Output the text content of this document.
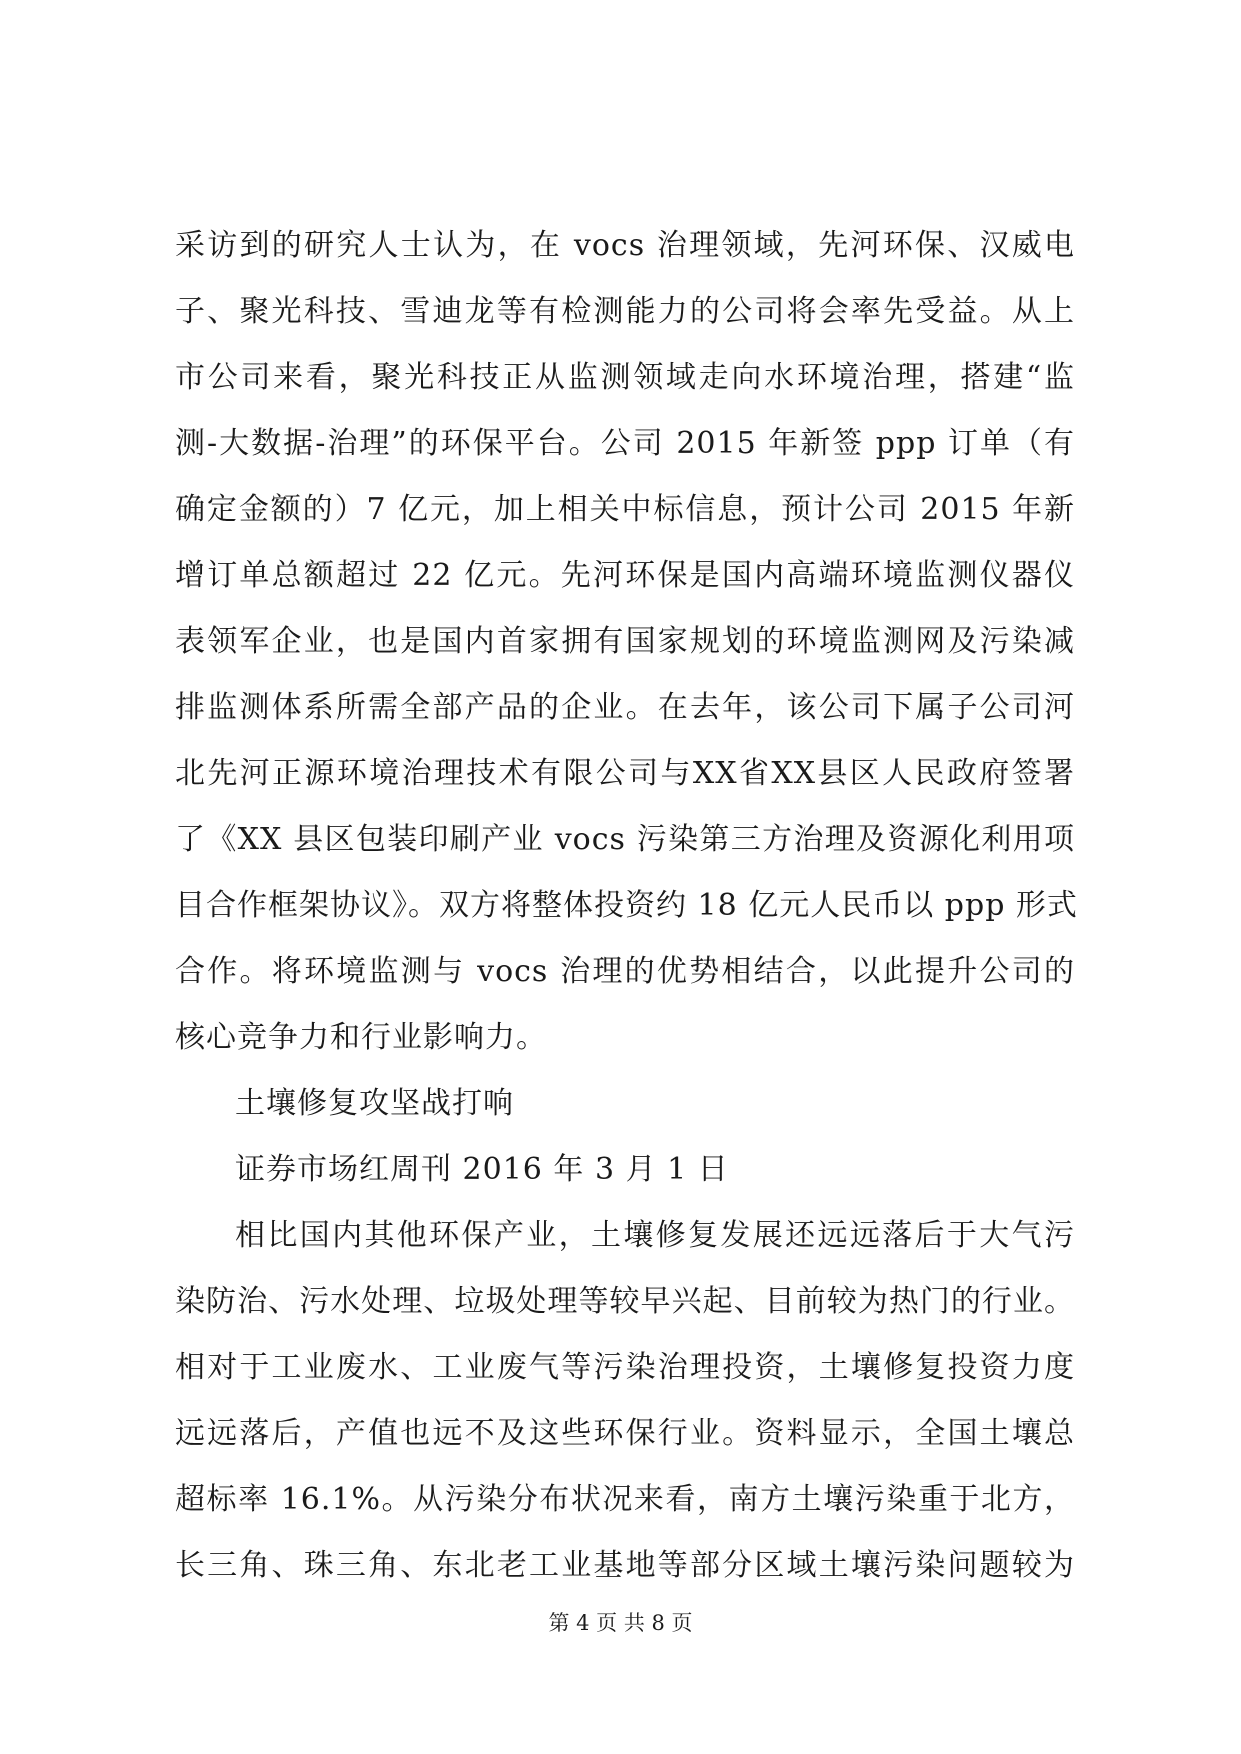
采访到的研究人士认为，在 vocs 治理领域，先河环保、汉威电
子、聚光科技、雪迪龙等有检测能力的公司将会率先受益。从上
市公司来看，聚光科技正从监测领域走向水环境治理，搭建“监
测-大数据-治理”的环保平台。公司 2015 年新签 ppp 订单（有
确定金额的）7 亿元，加上相关中标信息，预计公司 2015 年新
增订单总额超过 22 亿元。先河环保是国内高端环境监测仪器仪
表领军企业，也是国内首家拥有国家规划的环境监测网及污染减
排监测体系所需全部产品的企业。在去年，该公司下属子公司河
北先河正源环境治理技术有限公司与XX省XX县区人民政府签署
了《XX 县区包装印刷产业 vocs 污染第三方治理及资源化利用项
目合作框架协议》。双方将整体投资约 18 亿元人民币以 ppp 形式
合作。将环境监测与 vocs 治理的优势相结合，以此提升公司的
核心竞争力和行业影响力。
土壤修复攻坚战打响
证券市场红周刊 2016 年 3 月 1 日
相比国内其他环保产业，土壤修复发展还远远落后于大气污
染防治、污水处理、垃圾处理等较早兴起、目前较为热门的行业。
相对于工业废水、工业废气等污染治理投资，土壤修复投资力度
远远落后，产值也远不及这些环保行业。资料显示，全国土壤总
超标率 16.1%。从污染分布状况来看，南方土壤污染重于北方，
长三角、珠三角、东北老工业基地等部分区域土壤污染问题较为
第 4 页 共 8 页
